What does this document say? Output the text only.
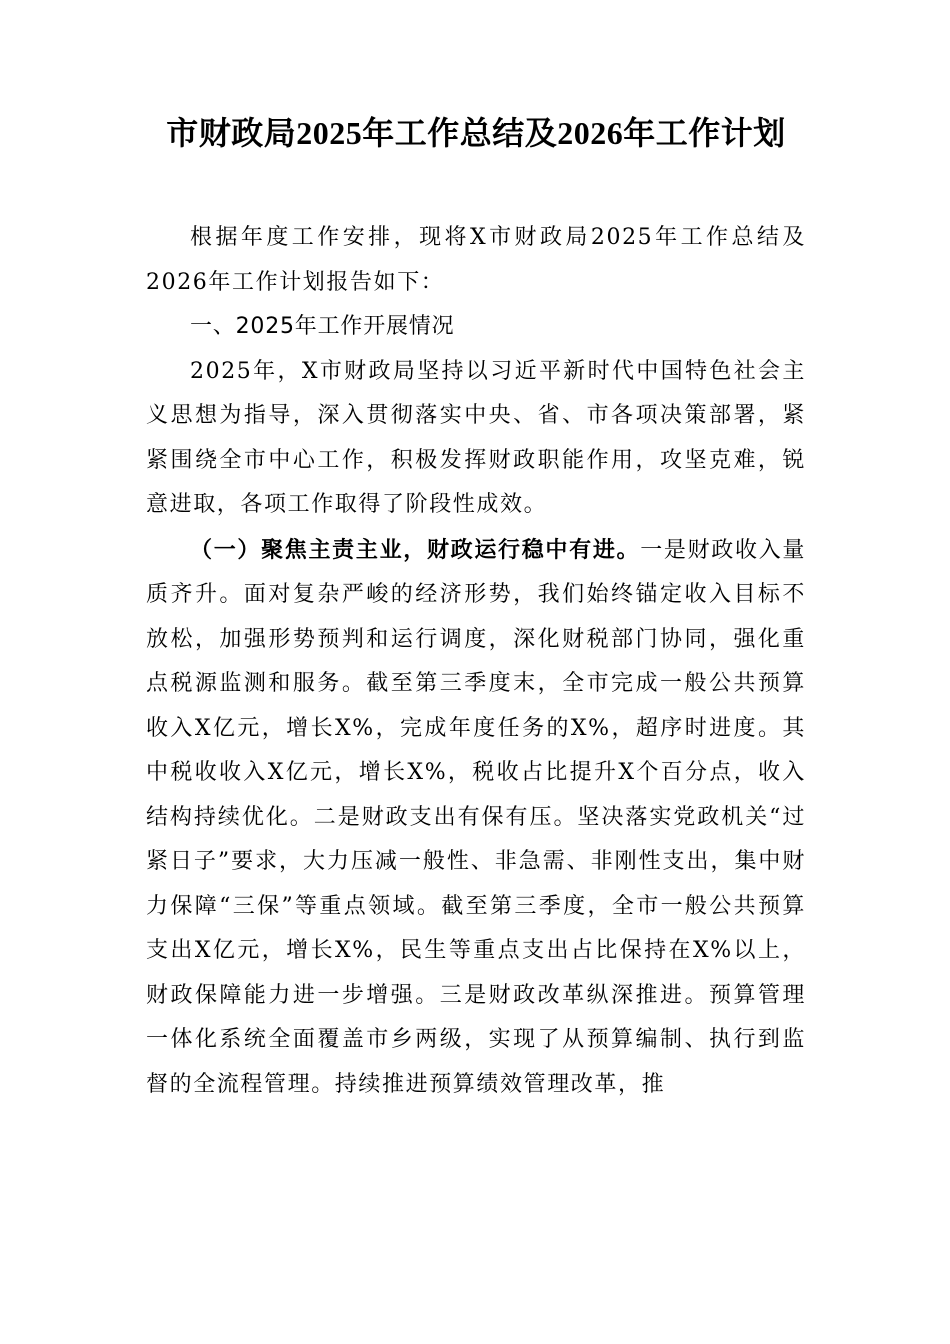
市财政局2025年工作总结及2026年工作计划

根据年度工作安排，现将X市财政局2025年工作总结及2026年工作计划报告如下：

一、2025年工作开展情况

2025年，X市财政局坚持以习近平新时代中国特色社会主义思想为指导，深入贯彻落实中央、省、市各项决策部署，紧紧围绕全市中心工作，积极发挥财政职能作用，攻坚克难，锐意进取，各项工作取得了阶段性成效。

（一）聚焦主责主业，财政运行稳中有进。一是财政收入量质齐升。面对复杂严峻的经济形势，我们始终锚定收入目标不放松，加强形势预判和运行调度，深化财税部门协同，强化重点税源监测和服务。截至第三季度末，全市完成一般公共预算收入X亿元，增长X%，完成年度任务的X%，超序时进度。其中税收收入X亿元，增长X%，税收占比提升X个百分点，收入结构持续优化。二是财政支出有保有压。坚决落实党政机关“过紧日子”要求，大力压减一般性、非急需、非刚性支出，集中财力保障“三保”等重点领域。截至第三季度，全市一般公共预算支出X亿元，增长X%，民生等重点支出占比保持在X%以上，财政保障能力进一步增强。三是财政改革纵深推进。预算管理一体化系统全面覆盖市乡两级，实现了从预算编制、执行到监督的全流程管理。持续推进预算绩效管理改革，推
